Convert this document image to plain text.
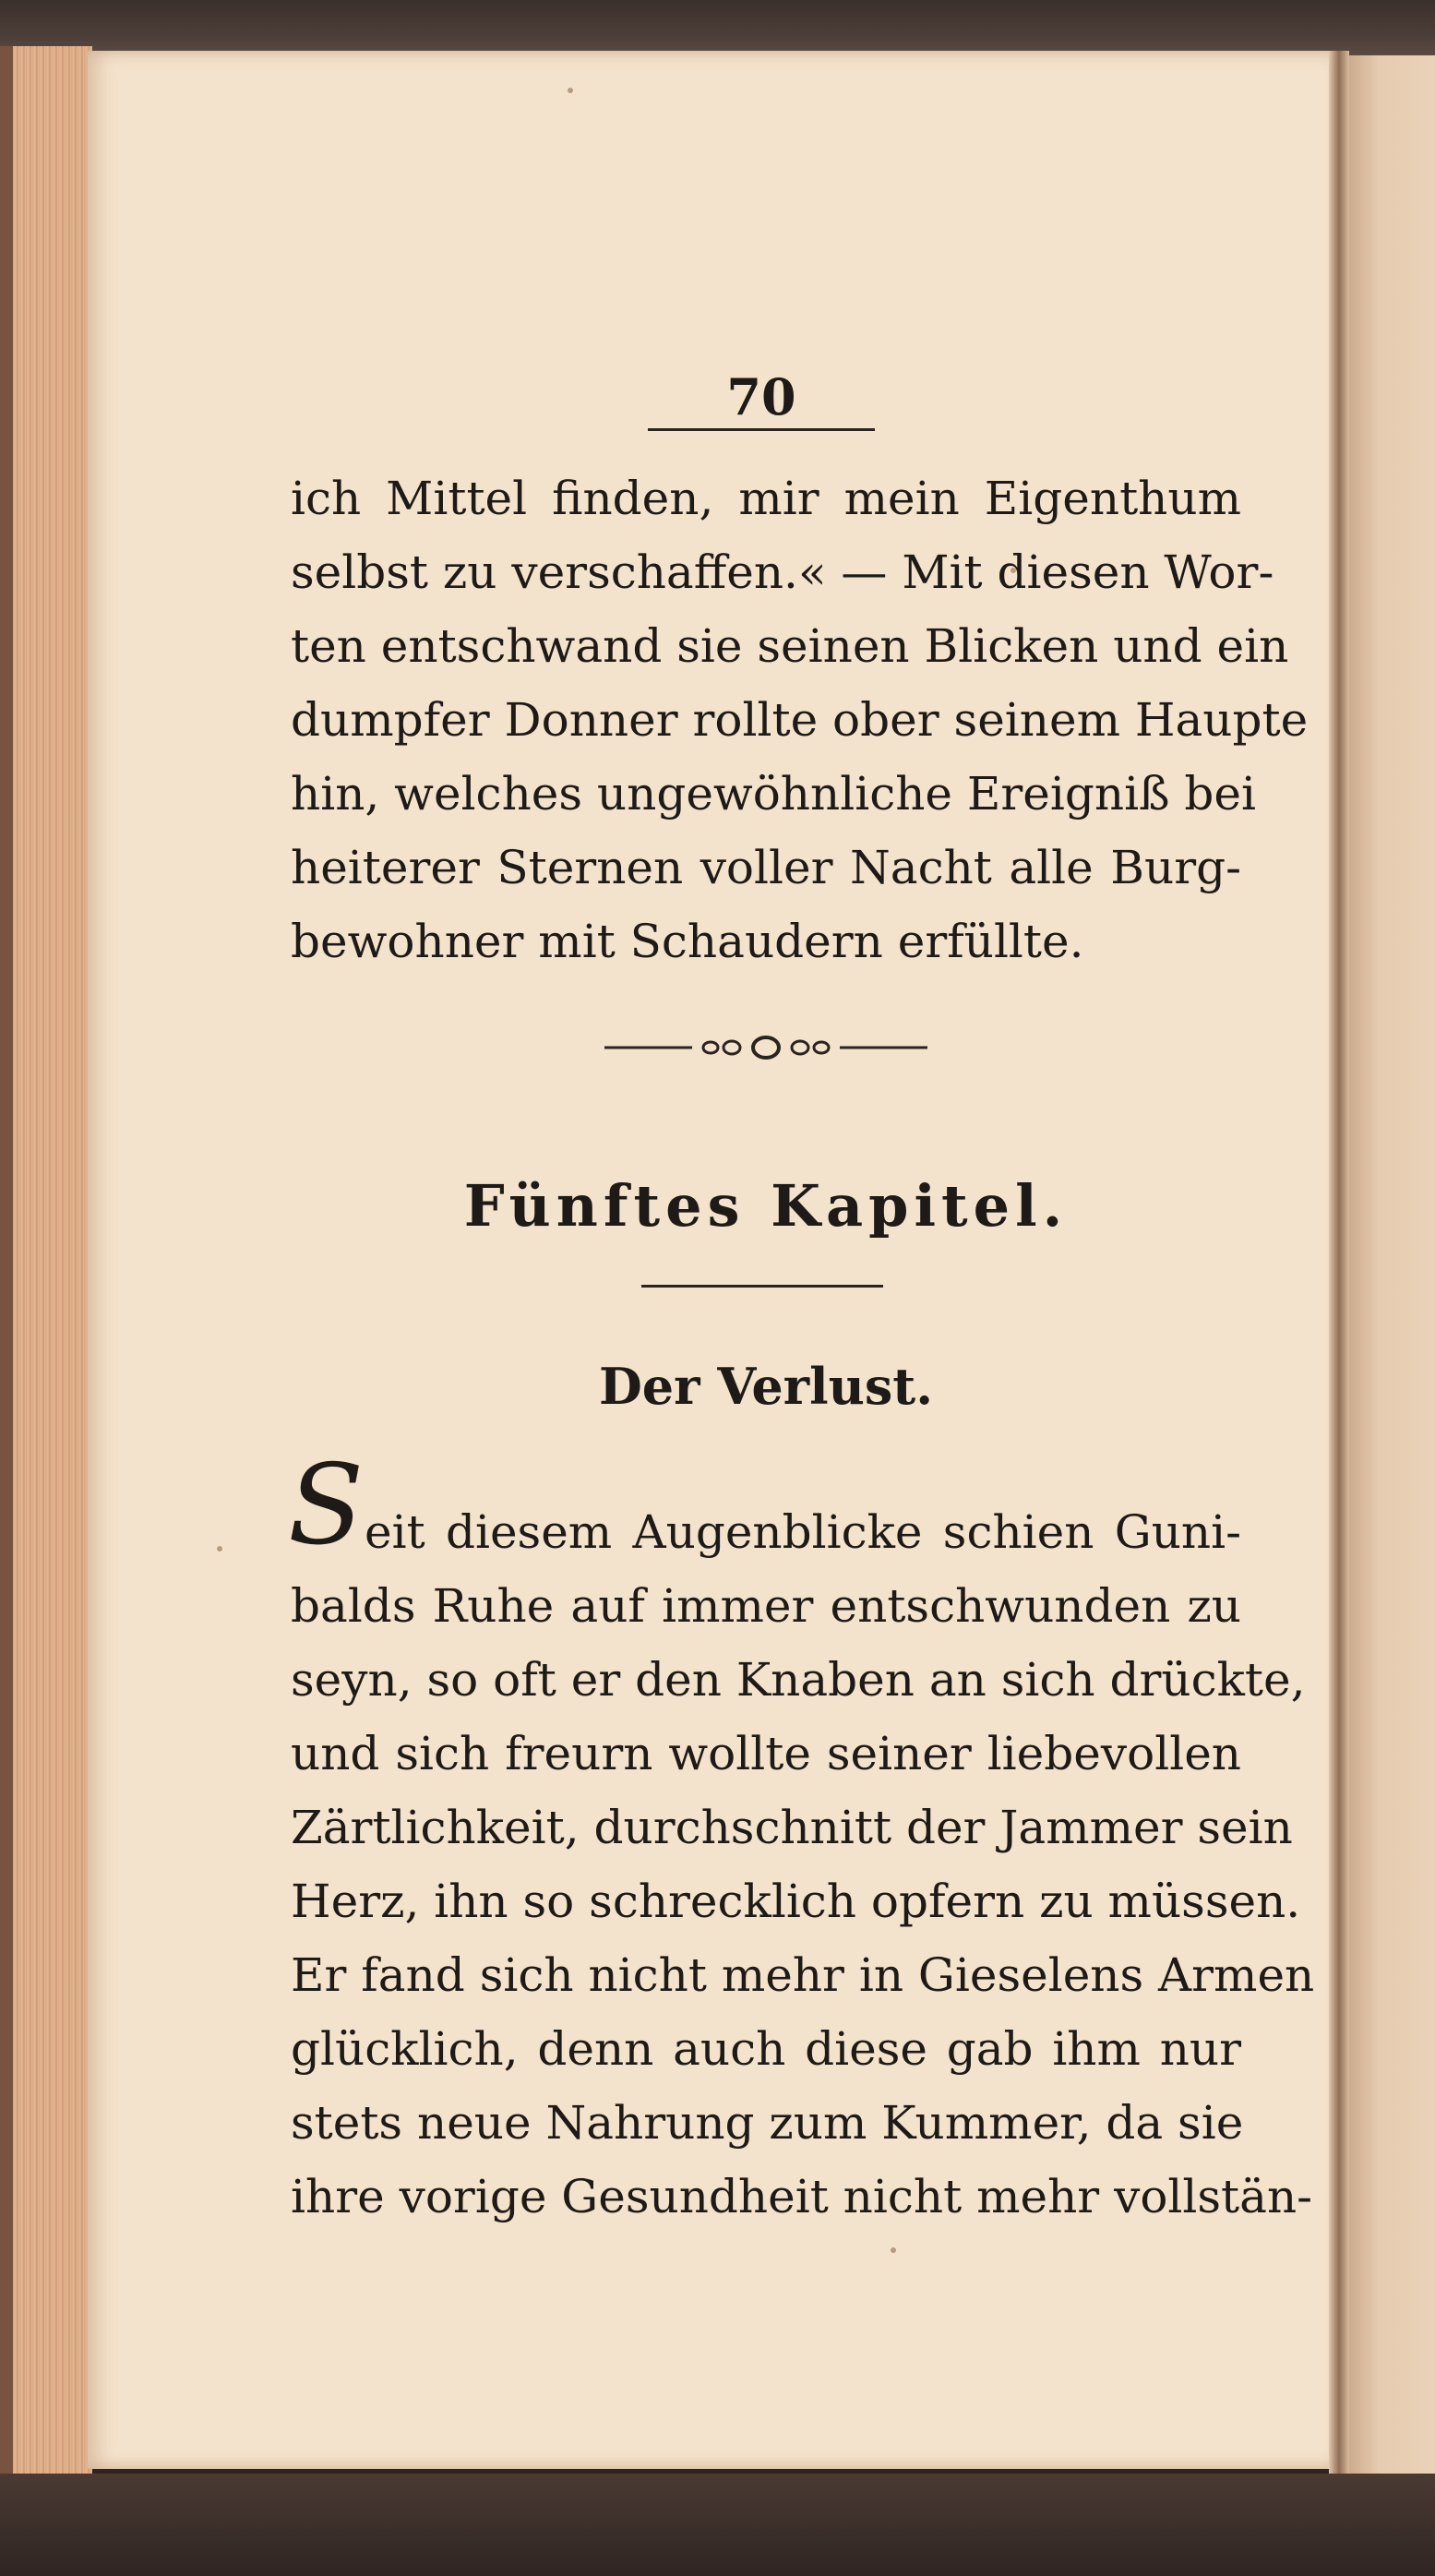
70
ich Mittel finden, mir mein Eigenthum
selbst zu verschaffen.« — Mit diesen Wor-
ten entschwand sie seinen Blicken und ein
dumpfer Donner rollte ober seinem Haupte
hin, welches ungewöhnliche Ereigniß bei
heiterer Sternen voller Nacht alle Burg-
bewohner mit Schaudern erfüllte.
Fünftes Kapitel.
Der Verlust.
S eit diesem Augenblicke schien Guni-
balds Ruhe auf immer entschwunden zu
seyn, so oft er den Knaben an sich drückte,
und sich freurn wollte seiner liebevollen
Zärtlichkeit, durchschnitt der Jammer sein
Herz, ihn so schrecklich opfern zu müssen.
Er fand sich nicht mehr in Gieselens Armen
glücklich, denn auch diese gab ihm nur
stets neue Nahrung zum Kummer, da sie
ihre vorige Gesundheit nicht mehr vollstän-
